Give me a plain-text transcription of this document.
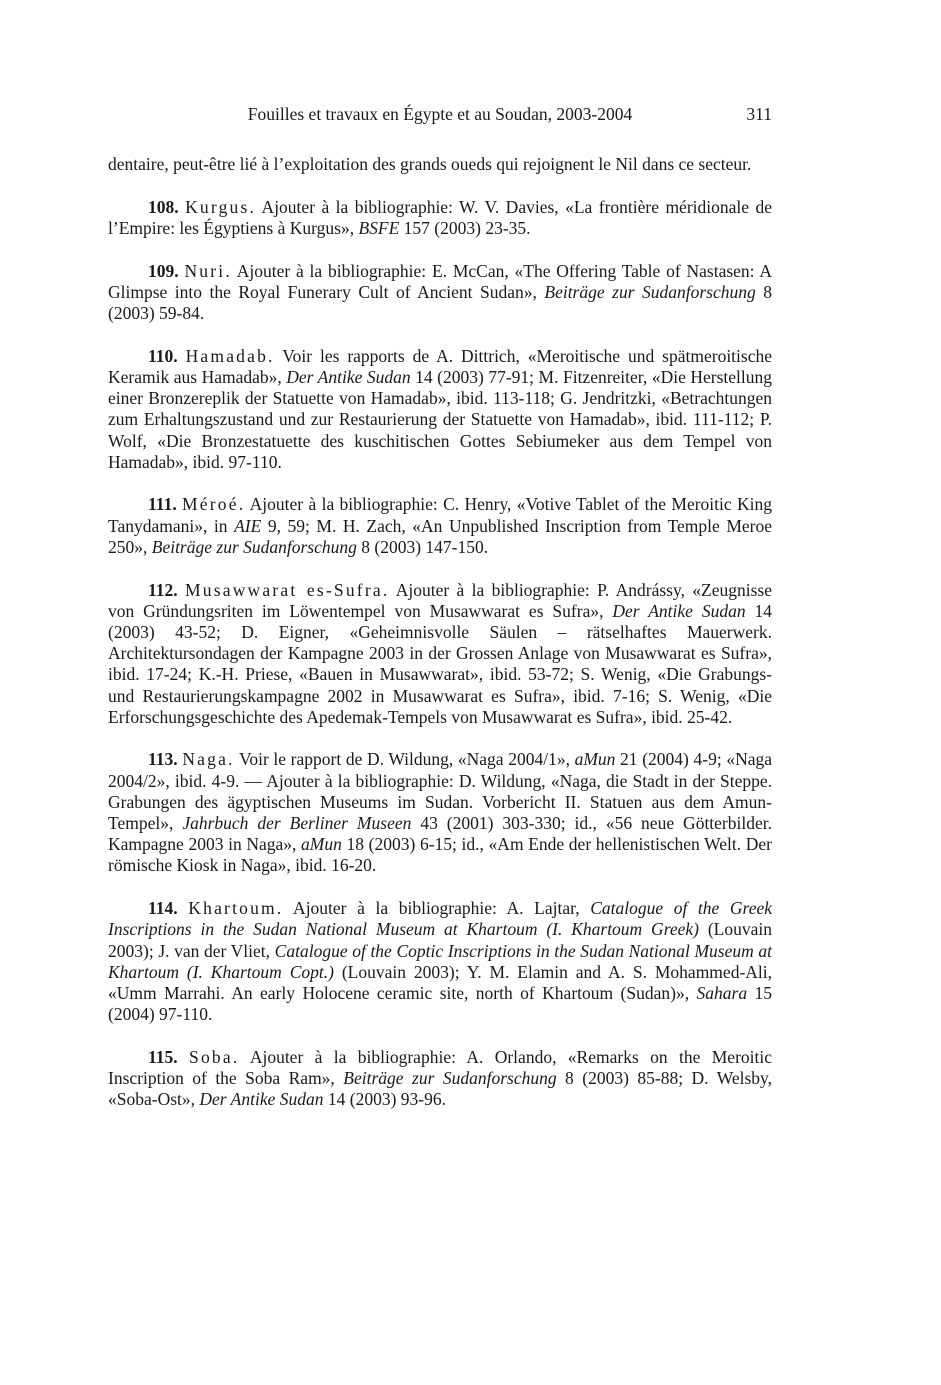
Fouilles et travaux en Égypte et au Soudan, 2003-2004	311

dentaire, peut-être lié à l’exploitation des grands oueds qui rejoignent le Nil dans ce secteur.

108. Kurgus. Ajouter à la bibliographie: W. V. Davies, «La frontière méridionale de l’Empire: les Égyptiens à Kurgus», BSFE 157 (2003) 23-35.

109. Nuri. Ajouter à la bibliographie: E. McCan, «The Offering Table of Nastasen: A Glimpse into the Royal Funerary Cult of Ancient Sudan», Beiträge zur Sudanforschung 8 (2003) 59-84.

110. Hamadab. Voir les rapports de A. Dittrich, «Meroitische und spätmeroitische Keramik aus Hamadab», Der Antike Sudan 14 (2003) 77-91; M. Fitzenreiter, «Die Herstellung einer Bronzereplik der Statuette von Hamadab», ibid. 113-118; G. Jendritzki, «Betrachtungen zum Erhaltungszustand und zur Restaurierung der Statuette von Hamadab», ibid. 111-112; P. Wolf, «Die Bronzestatuette des kuschitischen Gottes Sebiumeker aus dem Tempel von Hamadab», ibid. 97-110.

111. Méroé. Ajouter à la bibliographie: C. Henry, «Votive Tablet of the Meroitic King Tanydamani», in AIE 9, 59; M. H. Zach, «An Unpublished Inscription from Temple Meroe 250», Beiträge zur Sudanforschung 8 (2003) 147-150.

112. Musawwarat es-Sufra. Ajouter à la bibliographie: P. Andrássy, «Zeugnisse von Gründungsriten im Löwentempel von Musawwarat es Sufra», Der Antike Sudan 14 (2003) 43-52; D. Eigner, «Geheimnisvolle Säulen – rätselhaftes Mauerwerk. Architektursondagen der Kampagne 2003 in der Grossen Anlage von Musawwarat es Sufra», ibid. 17-24; K.-H. Priese, «Bauen in Musawwarat», ibid. 53-72; S. Wenig, «Die Grabungs- und Restaurierungskampagne 2002 in Musawwarat es Sufra», ibid. 7-16; S. Wenig, «Die Erforschungsgeschichte des Apedemak-Tempels von Musawwarat es Sufra», ibid. 25-42.

113. Naga. Voir le rapport de D. Wildung, «Naga 2004/1», aMun 21 (2004) 4-9; «Naga 2004/2», ibid. 4-9. — Ajouter à la bibliographie: D. Wildung, «Naga, die Stadt in der Steppe. Grabungen des ägyptischen Museums im Sudan. Vorbericht II. Statuen aus dem Amun-Tempel», Jahrbuch der Berliner Museen 43 (2001) 303-330; id., «56 neue Götterbilder. Kampagne 2003 in Naga», aMun 18 (2003) 6-15; id., «Am Ende der hellenistischen Welt. Der römische Kiosk in Naga», ibid. 16-20.

114. Khartoum. Ajouter à la bibliographie: A. Lajtar, Catalogue of the Greek Inscriptions in the Sudan National Museum at Khartoum (I. Khartoum Greek) (Louvain 2003); J. van der Vliet, Catalogue of the Coptic Inscriptions in the Sudan National Museum at Khartoum (I. Khartoum Copt.) (Louvain 2003); Y. M. Elamin and A. S. Mohammed-Ali, «Umm Marrahi. An early Holocene ceramic site, north of Khartoum (Sudan)», Sahara 15 (2004) 97-110.

115. Soba. Ajouter à la bibliographie: A. Orlando, «Remarks on the Meroitic Inscription of the Soba Ram», Beiträge zur Sudanforschung 8 (2003) 85-88; D. Welsby, «Soba-Ost», Der Antike Sudan 14 (2003) 93-96.
